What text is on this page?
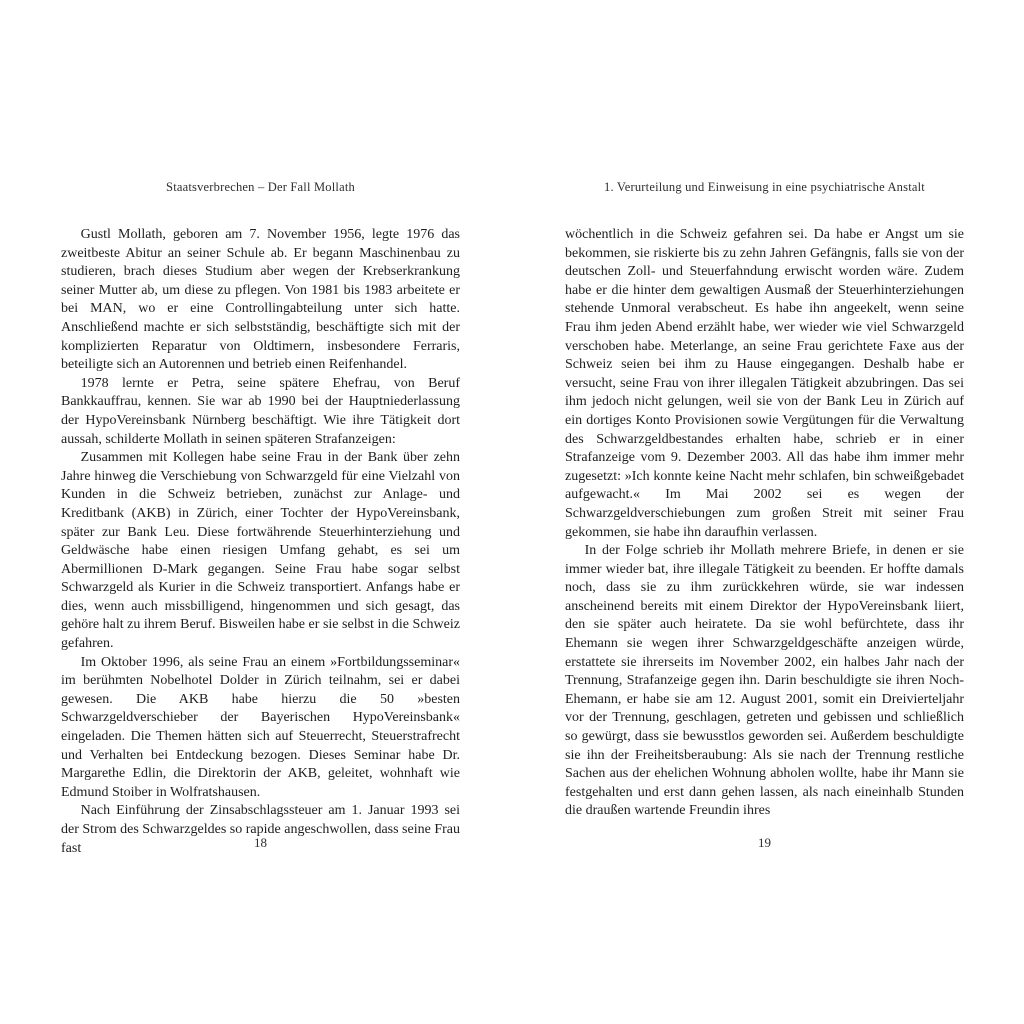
Staatsverbrechen – Der Fall Mollath

Gustl Mollath, geboren am 7. November 1956, legte 1976 das zweitbeste Abitur an seiner Schule ab. Er begann Maschinenbau zu studieren, brach dieses Studium aber wegen der Krebserkrankung seiner Mutter ab, um diese zu pflegen. Von 1981 bis 1983 arbeitete er bei MAN, wo er eine Controllingabteilung unter sich hatte. Anschließend machte er sich selbstständig, beschäftigte sich mit der komplizierten Reparatur von Oldtimern, insbesondere Ferraris, beteiligte sich an Autorennen und betrieb einen Reifenhandel.

1978 lernte er Petra, seine spätere Ehefrau, von Beruf Bankkauffrau, kennen. Sie war ab 1990 bei der Hauptniederlassung der HypoVereinsbank Nürnberg beschäftigt. Wie ihre Tätigkeit dort aussah, schilderte Mollath in seinen späteren Strafanzeigen:

Zusammen mit Kollegen habe seine Frau in der Bank über zehn Jahre hinweg die Verschiebung von Schwarzgeld für eine Vielzahl von Kunden in die Schweiz betrieben, zunächst zur Anlage- und Kreditbank (AKB) in Zürich, einer Tochter der HypoVereinsbank, später zur Bank Leu. Diese fortwährende Steuerhinterziehung und Geldwäsche habe einen riesigen Umfang gehabt, es sei um Abermillionen D-Mark gegangen. Seine Frau habe sogar selbst Schwarzgeld als Kurier in die Schweiz transportiert. Anfangs habe er dies, wenn auch missbilligend, hingenommen und sich gesagt, das gehöre halt zu ihrem Beruf. Bisweilen habe er sie selbst in die Schweiz gefahren.

Im Oktober 1996, als seine Frau an einem »Fortbildungsseminar« im berühmten Nobelhotel Dolder in Zürich teilnahm, sei er dabei gewesen. Die AKB habe hierzu die 50 »besten Schwarzgeldverschieber der Bayerischen HypoVereinsbank« eingeladen. Die Themen hätten sich auf Steuerrecht, Steuerstrafrecht und Verhalten bei Entdeckung bezogen. Dieses Seminar habe Dr. Margarethe Edlin, die Direktorin der AKB, geleitet, wohnhaft wie Edmund Stoiber in Wolfratshausen.

Nach Einführung der Zinsabschlagssteuer am 1. Januar 1993 sei der Strom des Schwarzgeldes so rapide angeschwollen, dass seine Frau fast	18
1. Verurteilung und Einweisung in eine psychiatrische Anstalt

wöchentlich in die Schweiz gefahren sei. Da habe er Angst um sie bekommen, sie riskierte bis zu zehn Jahren Gefängnis, falls sie von der deutschen Zoll- und Steuerfahndung erwischt worden wäre. Zudem habe er die hinter dem gewaltigen Ausmaß der Steuerhinterziehungen stehende Unmoral verabscheut. Es habe ihn angeekelt, wenn seine Frau ihm jeden Abend erzählt habe, wer wieder wie viel Schwarzgeld verschoben habe. Meterlange, an seine Frau gerichtete Faxe aus der Schweiz seien bei ihm zu Hause eingegangen. Deshalb habe er versucht, seine Frau von ihrer illegalen Tätigkeit abzubringen. Das sei ihm jedoch nicht gelungen, weil sie von der Bank Leu in Zürich auf ein dortiges Konto Provisionen sowie Vergütungen für die Verwaltung des Schwarzgeldbestandes erhalten habe, schrieb er in einer Strafanzeige vom 9. Dezember 2003. All das habe ihm immer mehr zugesetzt: »Ich konnte keine Nacht mehr schlafen, bin schweißgebadet aufgewacht.« Im Mai 2002 sei es wegen der Schwarzgeldverschiebungen zum großen Streit mit seiner Frau gekommen, sie habe ihn daraufhin verlassen.

In der Folge schrieb ihr Mollath mehrere Briefe, in denen er sie immer wieder bat, ihre illegale Tätigkeit zu beenden. Er hoffte damals noch, dass sie zu ihm zurückkehren würde, sie war indessen anscheinend bereits mit einem Direktor der HypoVereinsbank liiert, den sie später auch heiratete. Da sie wohl befürchtete, dass ihr Ehemann sie wegen ihrer Schwarzgeldgeschäfte anzeigen würde, erstattete sie ihrerseits im November 2002, ein halbes Jahr nach der Trennung, Strafanzeige gegen ihn. Darin beschuldigte sie ihren Noch-Ehemann, er habe sie am 12. August 2001, somit ein Dreivierteljahr vor der Trennung, geschlagen, getreten und gebissen und schließlich so gewürgt, dass sie bewusstlos geworden sei. Außerdem beschuldigte sie ihn der Freiheitsberaubung: Als sie nach der Trennung restliche Sachen aus der ehelichen Wohnung abholen wollte, habe ihr Mann sie festgehalten und erst dann gehen lassen, als nach eineinhalb Stunden die draußen wartende Freundin ihres

19
